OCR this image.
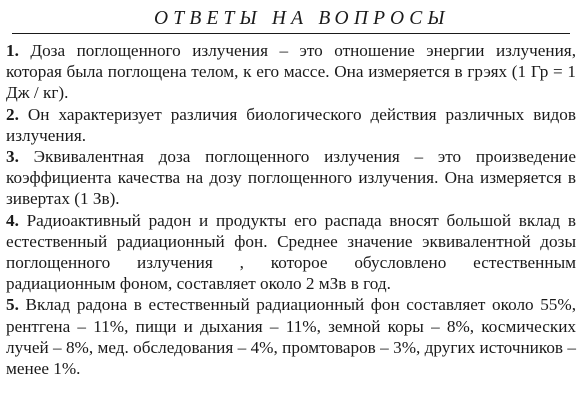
ОТВЕТЫ НА ВОПРОСЫ

1. Доза поглощенного излучения – это отношение энергии излучения, которая была поглощена телом, к его массе. Она измеряется в грэях (1 Гр = 1 Дж / кг).

2. Он характеризует различия биологического действия различных видов излучения.

3. Эквивалентная доза поглощенного излучения – это произведение коэффициента качества на дозу поглощенного излучения. Она измеряется в зивертах (1 Зв).

4. Радиоактивный радон и продукты его распада вносят большой вклад в естественный радиационный фон. Среднее значение эквивалентной дозы поглощенного излучения , которое обусловлено естественным радиационным фоном, составляет около 2 мЗв в год.

5. Вклад радона в естественный радиационный фон составляет около 55%, рентгена – 11%, пищи и дыхания – 11%, земной коры – 8%, космических лучей – 8%, мед. обследования – 4%, промтоваров – 3%, других источников – менее 1%.
